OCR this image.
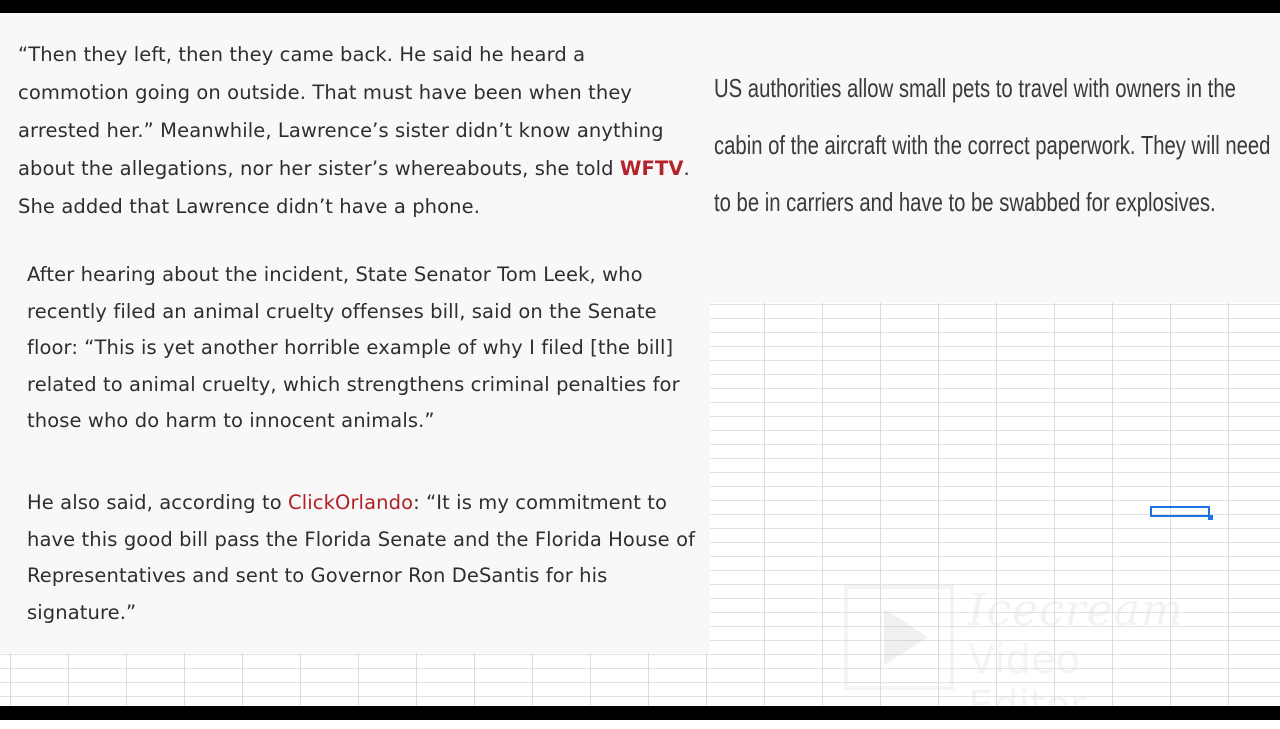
US authorities allow small pets to travel with owners in the cabin of the aircraft with the correct paperwork. They will need to be in carriers and have to be swabbed for explosives.

“Then they left, then they came back. He said he heard a commotion going on outside. That must have been when they arrested her.” Meanwhile, Lawrence’s sister didn’t know anything about the allegations, nor her sister’s whereabouts, she told WFTV. She added that Lawrence didn’t have a phone.

After hearing about the incident, State Senator Tom Leek, who recently filed an animal cruelty offenses bill, said on the Senate floor: “This is yet another horrible example of why I filed [the bill] related to animal cruelty, which strengthens criminal penalties for those who do harm to innocent animals.”

He also said, according to ClickOrlando: “It is my commitment to have this good bill pass the Florida Senate and the Florida House of Representatives and sent to Governor Ron DeSantis for his signature.”	Icecream

Video
